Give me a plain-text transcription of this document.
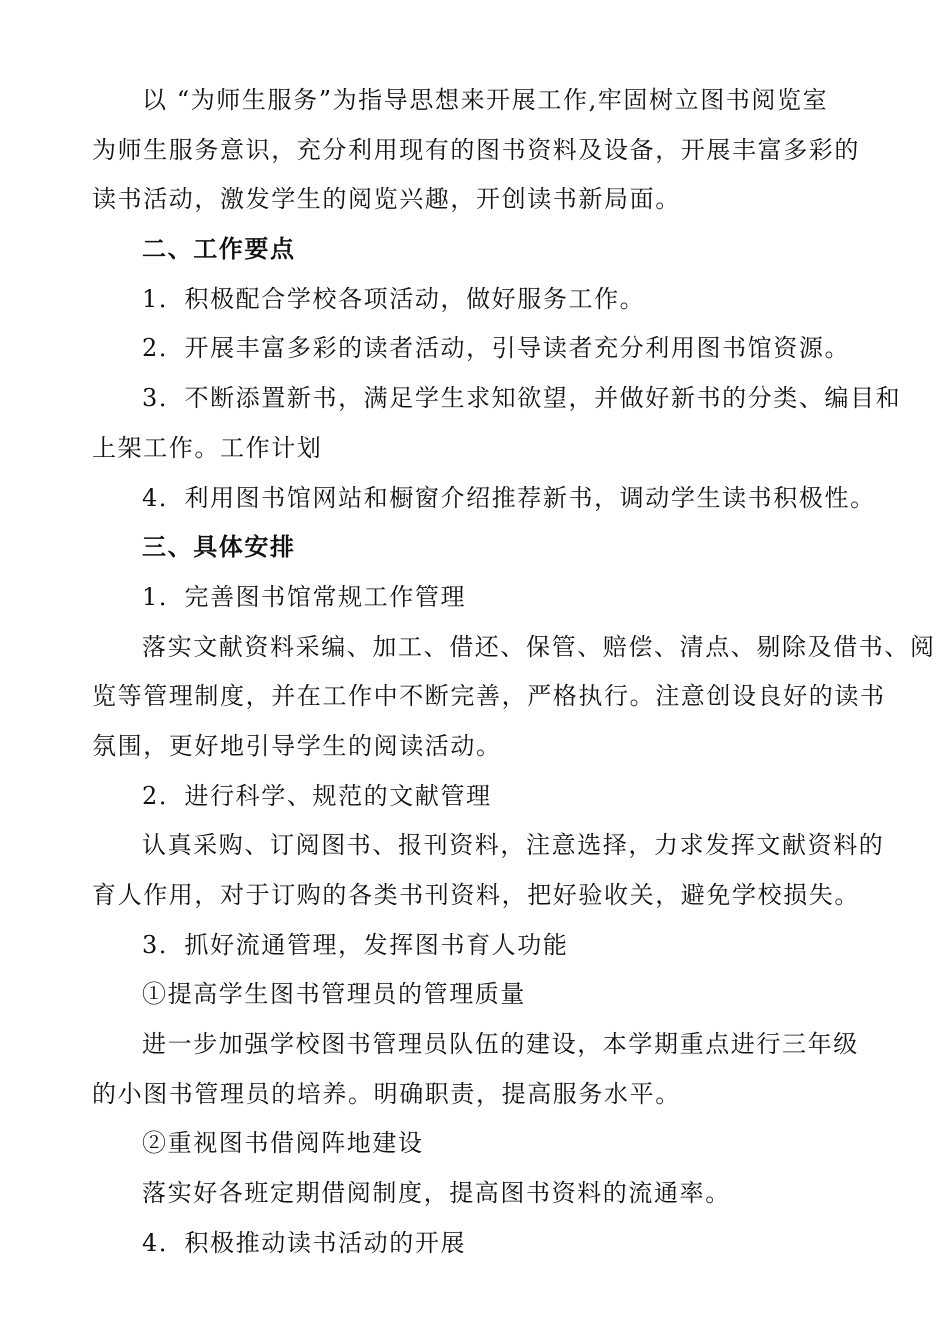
以 “为师生服务”为指导思想来开展工作,牢固树立图书阅览室
为师生服务意识，充分利用现有的图书资料及设备，开展丰富多彩的
读书活动，激发学生的阅览兴趣，开创读书新局面。
二、工作要点
1．积极配合学校各项活动，做好服务工作。
2．开展丰富多彩的读者活动，引导读者充分利用图书馆资源。
3．不断添置新书，满足学生求知欲望，并做好新书的分类、编目和
上架工作。工作计划
4．利用图书馆网站和橱窗介绍推荐新书，调动学生读书积极性。
三、具体安排
1．完善图书馆常规工作管理
落实文献资料采编、加工、借还、保管、赔偿、清点、剔除及借书、阅
览等管理制度，并在工作中不断完善，严格执行。注意创设良好的读书
氛围，更好地引导学生的阅读活动。
2．进行科学、规范的文献管理
认真采购、订阅图书、报刊资料，注意选择，力求发挥文献资料的
育人作用，对于订购的各类书刊资料，把好验收关，避免学校损失。
3．抓好流通管理，发挥图书育人功能
①提高学生图书管理员的管理质量
进一步加强学校图书管理员队伍的建设，本学期重点进行三年级
的小图书管理员的培养。明确职责，提高服务水平。
②重视图书借阅阵地建设
落实好各班定期借阅制度，提高图书资料的流通率。
4．积极推动读书活动的开展
